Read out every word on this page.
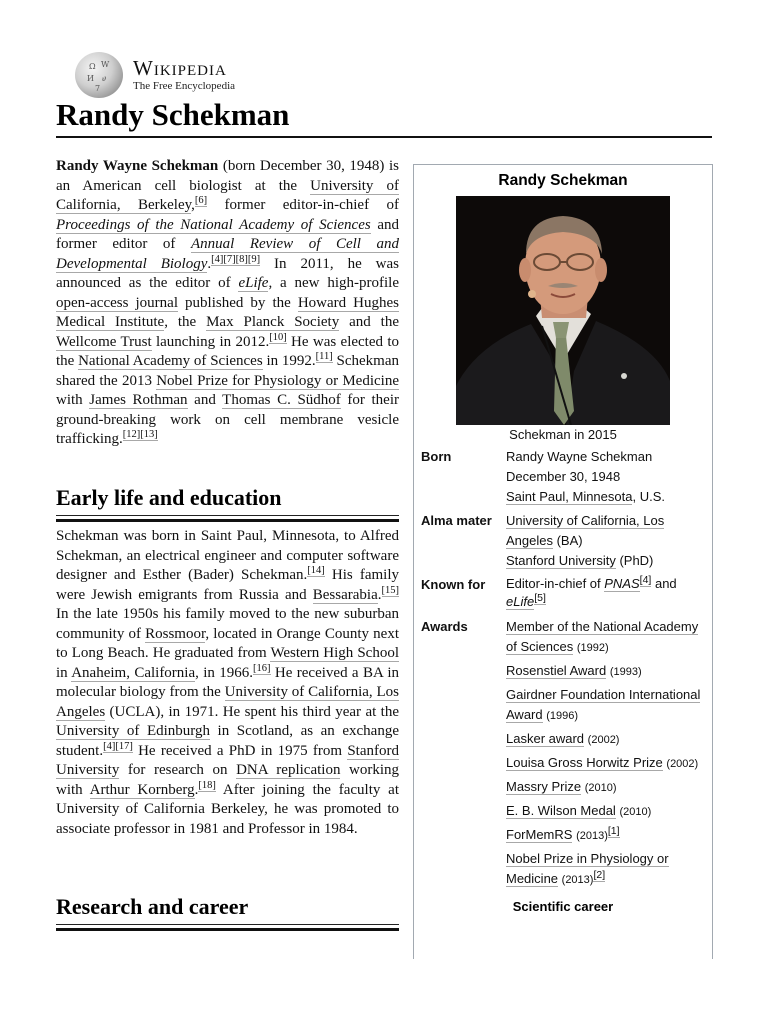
Ω W
И ሀ
7
Wikipedia
The Free Encyclopedia
Randy Schekman

Randy Wayne Schekman (born December 30, 1948) is an American cell biologist at the University of California, Berkeley,[6] former editor-in-chief of Proceedings of the National Academy of Sciences and former editor of Annual Review of Cell and Developmental Biology.[4][7][8][9] In 2011, he was announced as the editor of eLife, a new high-profile open-access journal published by the Howard Hughes Medical Institute, the Max Planck Society and the Wellcome Trust launching in 2012.[10] He was elected to the National Academy of Sciences in 1992.[11] Schekman shared the 2013 Nobel Prize for Physiology or Medicine with James Rothman and Thomas C. Südhof for their ground-breaking work on cell membrane vesicle trafficking.[12][13]

Early life and education

Schekman was born in Saint Paul, Minnesota, to Alfred Schekman, an electrical engineer and computer software designer and Esther (Bader) Schekman.[14] His family were Jewish emigrants from Russia and Bessarabia.[15] In the late 1950s his family moved to the new suburban community of Rossmoor, located in Orange County next to Long Beach. He graduated from Western High School in Anaheim, California, in 1966.[16] He received a BA in molecular biology from the University of California, Los Angeles (UCLA), in 1971. He spent his third year at the University of Edinburgh in Scotland, as an exchange student.[4][17] He received a PhD in 1975 from Stanford University for research on DNA replication working with Arthur Kornberg.[18] After joining the faculty at University of California Berkeley, he was promoted to associate professor in 1981 and Professor in 1984.

Research and career
Randy Schekman
Schekman in 2015
Born	Randy Wayne Schekman
December 30, 1948
Saint Paul, Minnesota, U.S.
Alma mater	University of California, Los Angeles (BA)
Stanford University (PhD)
Known for	Editor-in-chief of PNAS[4] and eLife[5]
Awards	Member of the National Academy of Sciences (1992)
Rosenstiel Award (1993)
Gairdner Foundation International Award (1996)
Lasker award (2002)
Louisa Gross Horwitz Prize (2002)
Massry Prize (2010)
E. B. Wilson Medal (2010)
ForMemRS (2013)[1]
Nobel Prize in Physiology or Medicine (2013)[2]
Scientific career
